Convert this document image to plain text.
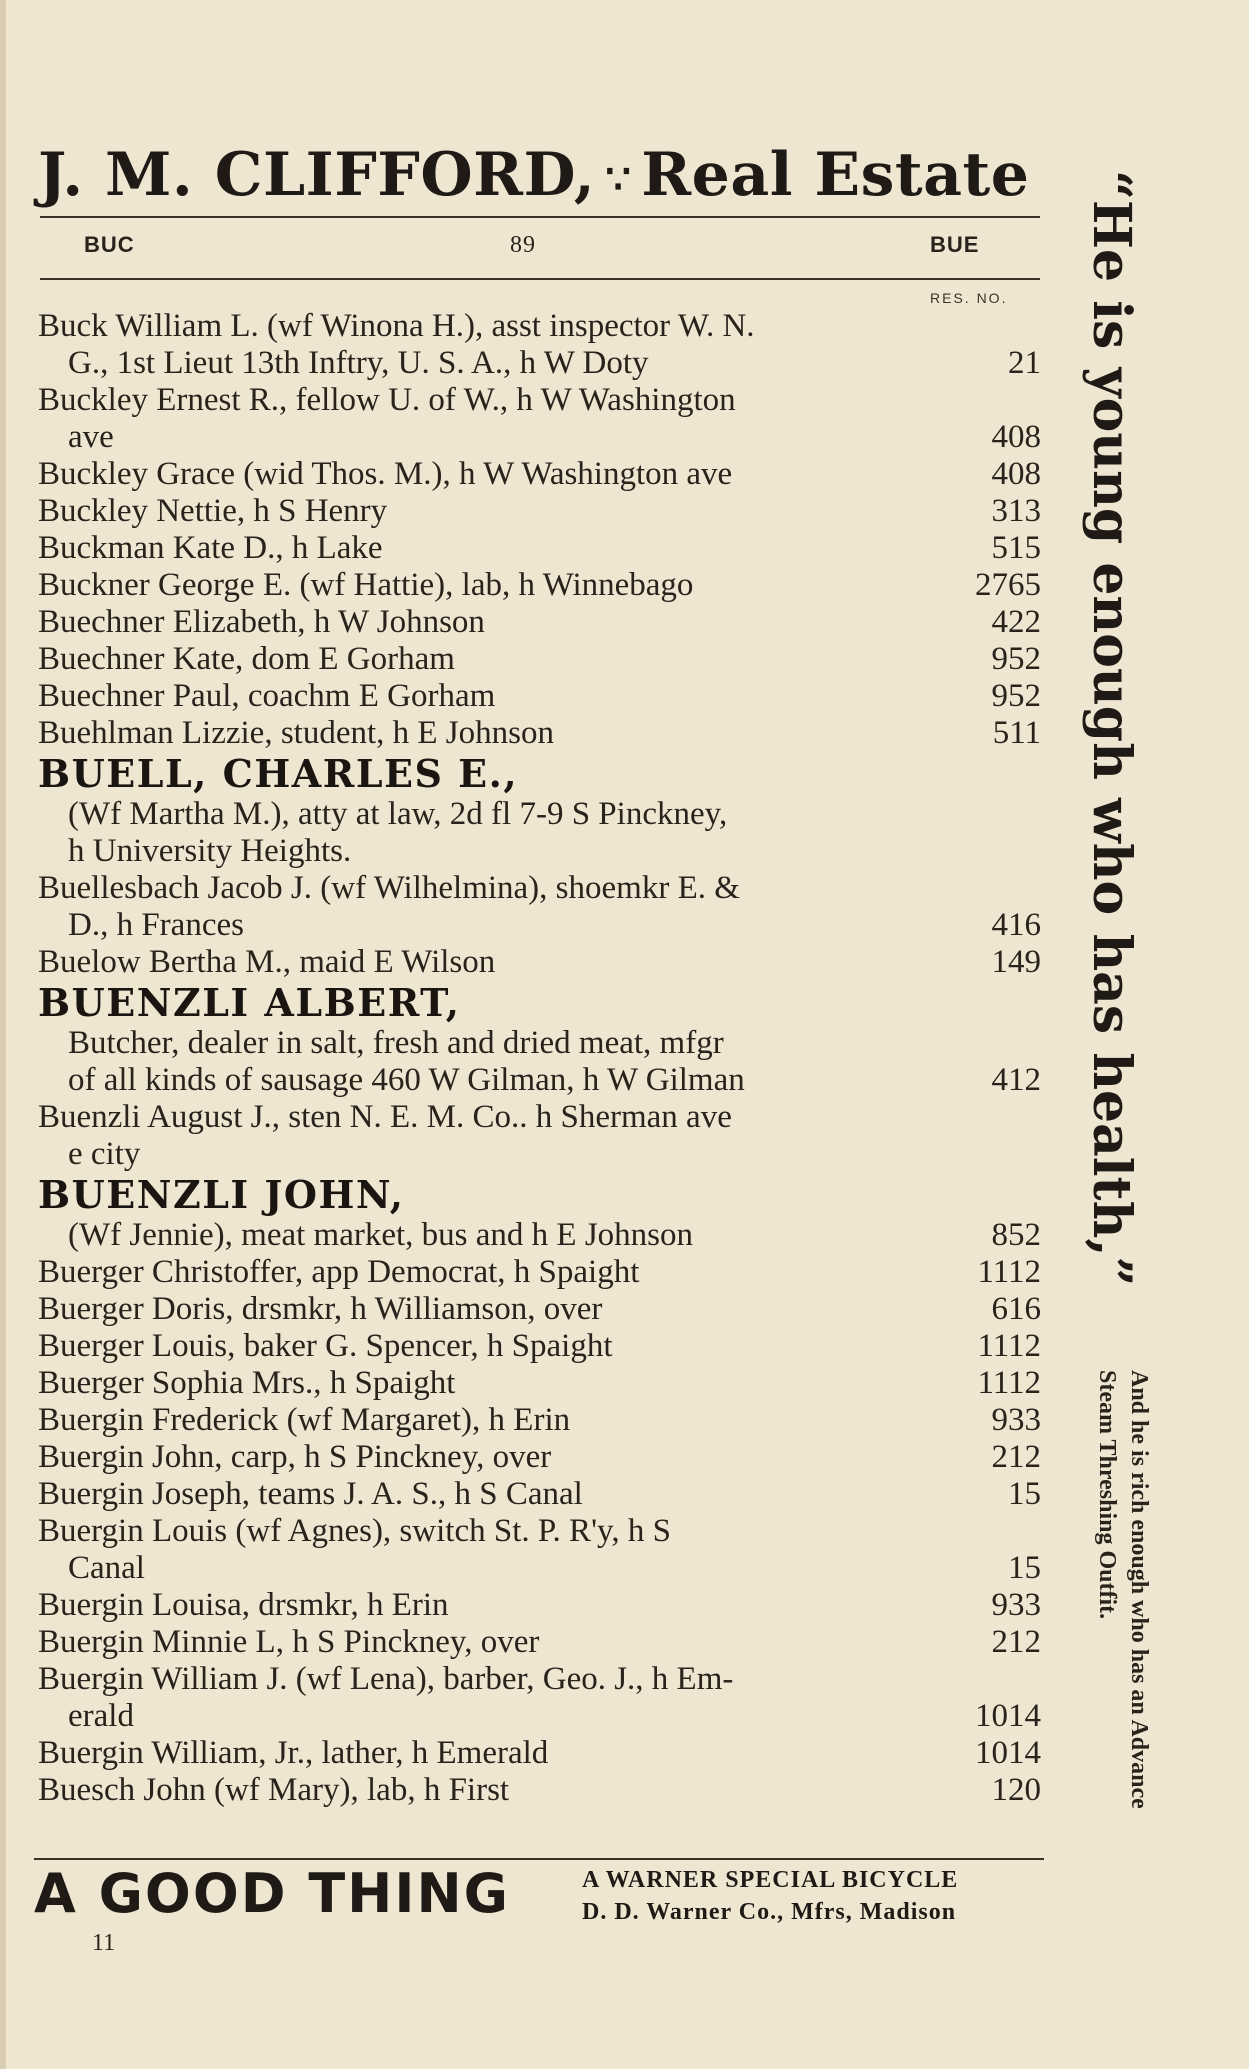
J. M. CLIFFORD, ∵ Real Estate
BUC	89	BUE
RES. NO.
Buck William L. (wf Winona H.), asst inspector W. N.
G., 1st Lieut 13th Inftry, U. S. A., h W Doty	21
Buckley Ernest R., fellow U. of W., h W Washington
ave	408
Buckley Grace (wid Thos. M.), h W Washington ave	408
Buckley Nettie, h S Henry	313
Buckman Kate D., h Lake	515
Buckner George E. (wf Hattie), lab, h Winnebago	2765
Buechner Elizabeth, h W Johnson	422
Buechner Kate, dom E Gorham	952
Buechner Paul, coachm E Gorham	952
Buehlman Lizzie, student, h E Johnson	511
BUELL, CHARLES E.,
(Wf Martha M.), atty at law, 2d fl 7-9 S Pinckney,
h University Heights.
Buellesbach Jacob J. (wf Wilhelmina), shoemkr E. &
D., h Frances	416
Buelow Bertha M., maid E Wilson	149
BUENZLI ALBERT,
Butcher, dealer in salt, fresh and dried meat, mfgr
of all kinds of sausage 460 W Gilman, h W Gilman	412
Buenzli August J., sten N. E. M. Co.. h Sherman ave
e city
BUENZLI JOHN,
(Wf Jennie), meat market, bus and h E Johnson	852
Buerger Christoffer, app Democrat, h Spaight	1112
Buerger Doris, drsmkr, h Williamson, over	616
Buerger Louis, baker G. Spencer, h Spaight	1112
Buerger Sophia Mrs., h Spaight	1112
Buergin Frederick (wf Margaret), h Erin	933
Buergin John, carp, h S Pinckney, over	212
Buergin Joseph, teams J. A. S., h S Canal	15
Buergin Louis (wf Agnes), switch St. P. R'y, h S
Canal	15
Buergin Louisa, drsmkr, h Erin	933
Buergin Minnie L, h S Pinckney, over	212
Buergin William J. (wf Lena), barber, Geo. J., h Em-
erald	1014
Buergin William, Jr., lather, h Emerald	1014
Buesch John (wf Mary), lab, h First	120
“He is young enough who has health,”
And he is rich enough who has an Advance
Steam Threshing Outfit.
A GOOD THING	A WARNER SPECIAL BICYCLE
D. D. Warner Co., Mfrs, Madison
11
